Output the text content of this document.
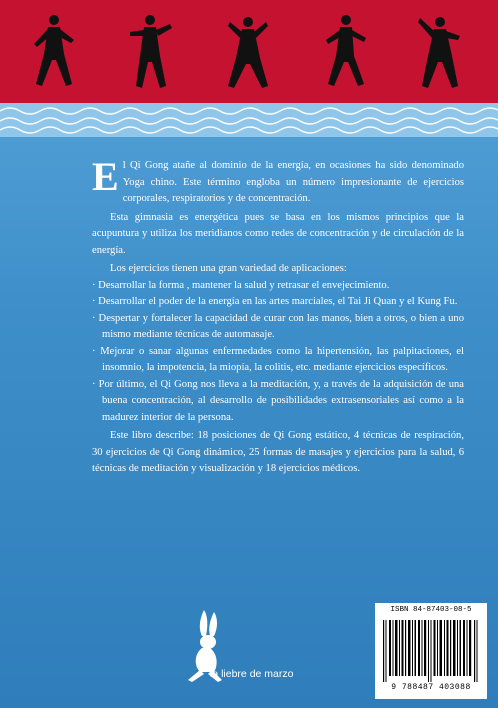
El Qi Gong atañe al dominio de la energía, en ocasiones ha sido denominado Yoga chino. Este término engloba un número impresionante de ejercicios corporales, respiratorios y de concentración.

Esta gimnasia es energética pues se basa en los mismos principios que la acupuntura y utiliza los meridianos como redes de concentración y de circulación de la energía.

Los ejercicios tienen una gran variedad de aplicaciones:

· Desarrollar la forma , mantener la salud y retrasar el envejecimiento.

· Desarrollar el poder de la energía en las artes marciales, el Tai Ji Quan y el Kung Fu.

· Despertar y fortalecer la capacidad de curar con las manos, bien a otros, o bien a uno mismo mediante técnicas de automasaje.

· Mejorar o sanar algunas enfermedades como la hipertensión, las palpitaciones, el insomnio, la impotencia, la miopía, la colitis, etc. mediante ejercicios específicos.

· Por último, el Qi Gong nos lleva a la meditación, y, a través de la adquisición de una buena concentración, al desarrollo de posibilidades extrasensoriales así como a la madurez interior de la persona.

Este libro describe: 18 posiciones de Qi Gong estático, 4 técnicas de respiración, 30 ejercicios de Qi Gong dinámico, 25 formas de masajes y ejercicios para la salud, 6 técnicas de meditación y visualización y 18 ejercicios médicos.

la liebre de marzo
ISBN 84-87403-08-5
9 788487 403088
